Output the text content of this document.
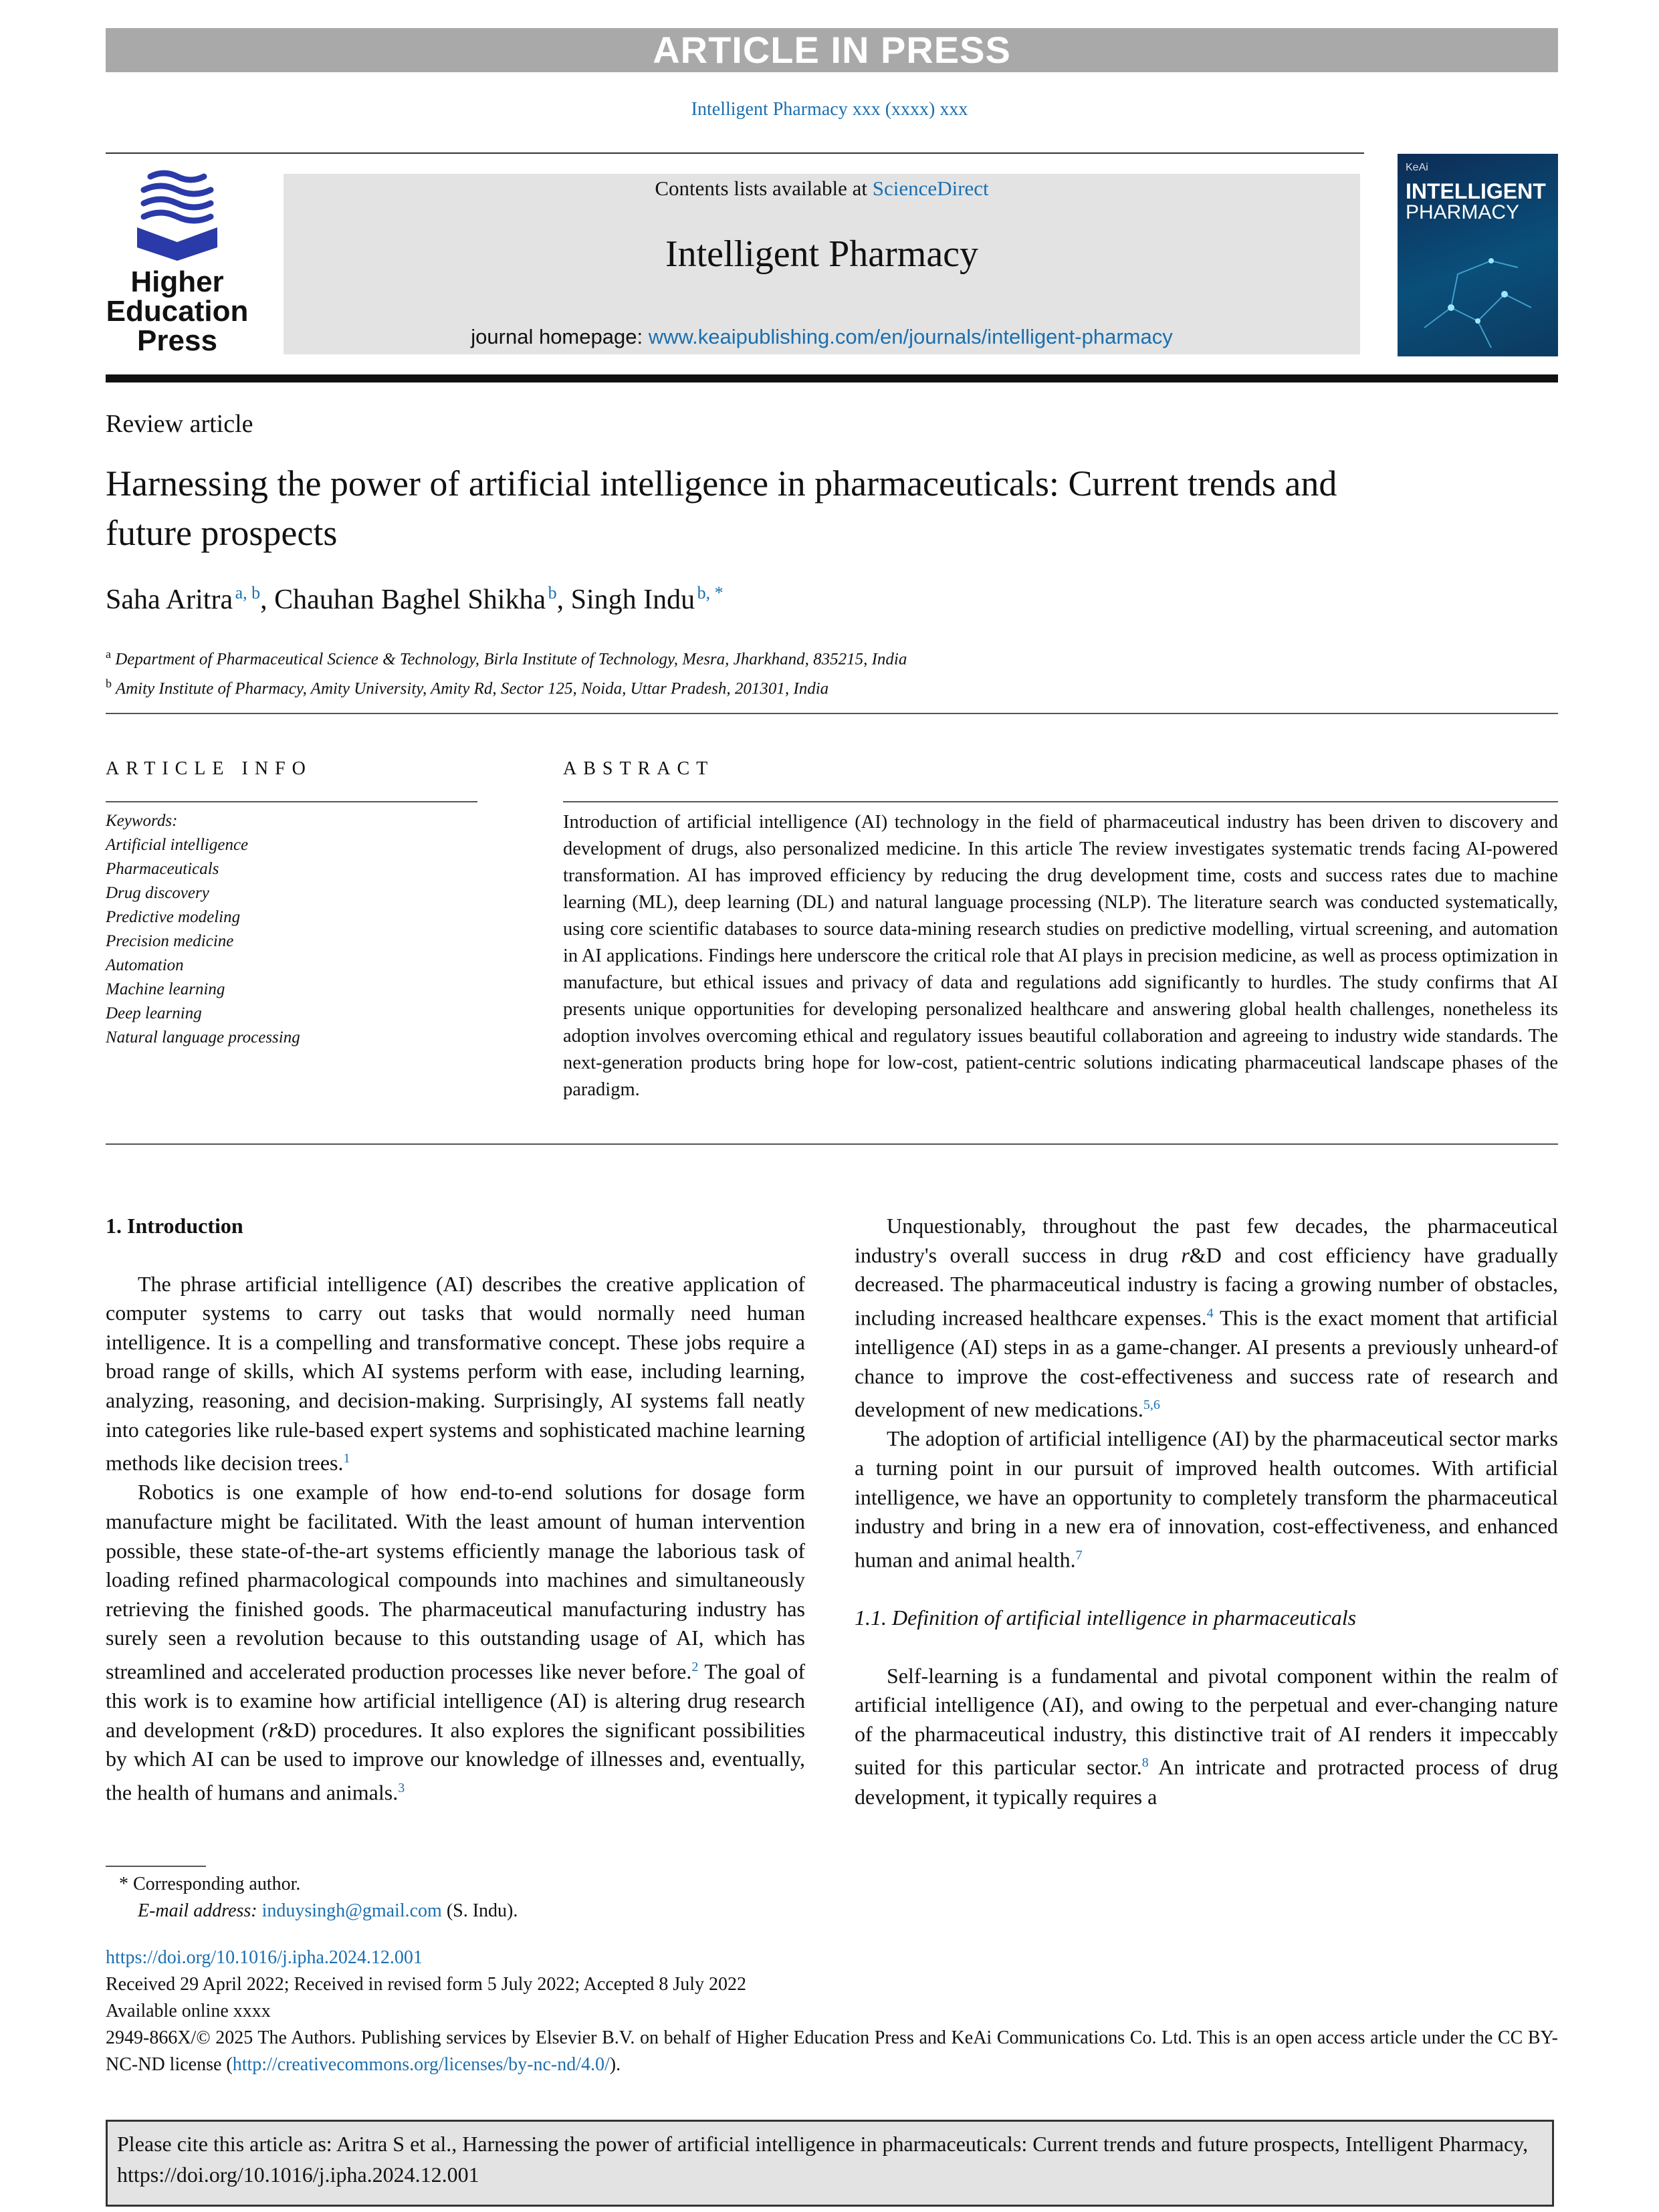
ARTICLE IN PRESS
Intelligent Pharmacy xxx (xxxx) xxx
Higher
Education
Press
Contents lists available at ScienceDirect
Intelligent Pharmacy
journal homepage: www.keaipublishing.com/en/journals/intelligent-pharmacy
KeAi
INTELLIGENT
PHARMACY
Review article
Harnessing the power of artificial intelligence in pharmaceuticals: Current trends and future prospects
Saha Aritra  $^{a, b}$, Chauhan Baghel Shikha  $^b$, Singh Indu  $^{b, *}$
$^a$ Department of Pharmaceutical Science & Technology, Birla Institute of Technology, Mesra, Jharkhand, 835215, India
$^b$ Amity Institute of Pharmacy, Amity University, Amity Rd, Sector 125, Noida, Uttar Pradesh, 201301, India
ARTICLE INFO
Keywords:
Artificial intelligence
Pharmaceuticals
Drug discovery
Predictive modeling
Precision medicine
Automation
Machine learning
Deep learning
Natural language processing
ABSTRACT
Introduction of artificial intelligence (AI) technology in the field of pharmaceutical industry has been driven to discovery and development of drugs, also personalized medicine. In this article The review investigates systematic trends facing AI-powered transformation. AI has improved efficiency by reducing the drug development time, costs and success rates due to machine learning (ML), deep learning (DL) and natural language processing (NLP). The literature search was conducted systematically, using core scientific databases to source data-mining research studies on predictive modelling, virtual screening, and automation in AI applications. Findings here underscore the critical role that AI plays in precision medicine, as well as process optimization in manufacture, but ethical issues and privacy of data and regulations add significantly to hurdles. The study confirms that AI presents unique opportunities for developing personalized healthcare and answering global health challenges, nonetheless its adoption involves overcoming ethical and regulatory issues beautiful collaboration and agreeing to industry wide standards. The next-generation products bring hope for low-cost, patient-centric solutions indicating pharmaceutical landscape phases of the paradigm.

1. Introduction

The phrase artificial intelligence (AI) describes the creative application of computer systems to carry out tasks that would normally need human intelligence. It is a compelling and transformative concept. These jobs require a broad range of skills, which AI systems perform with ease, including learning, analyzing, reasoning, and decision-making. Surprisingly, AI systems fall neatly into categories like rule-based expert systems and sophisticated machine learning methods like decision trees.$^1$

Robotics is one example of how end-to-end solutions for dosage form manufacture might be facilitated. With the least amount of human intervention possible, these state-of-the-art systems efficiently manage the laborious task of loading refined pharmacological compounds into machines and simultaneously retrieving the finished goods. The pharmaceutical manufacturing industry has surely seen a revolution because to this outstanding usage of AI, which has streamlined and accelerated production processes like never before.$^2$ The goal of this work is to examine how artificial intelligence (AI) is altering drug research and development (r&D) procedures. It also explores the significant possibilities by which AI can be used to improve our knowledge of illnesses and, eventually, the health of humans and animals.$^3$

Unquestionably, throughout the past few decades, the pharmaceutical industry's overall success in drug r&D and cost efficiency have gradually decreased. The pharmaceutical industry is facing a growing number of obstacles, including increased healthcare expenses.$^4$ This is the exact moment that artificial intelligence (AI) steps in as a game-changer. AI presents a previously unheard-of chance to improve the cost-effectiveness and success rate of research and development of new medications.$^{5,6}$

The adoption of artificial intelligence (AI) by the pharmaceutical sector marks a turning point in our pursuit of improved health outcomes. With artificial intelligence, we have an opportunity to completely transform the pharmaceutical industry and bring in a new era of innovation, cost-effectiveness, and enhanced human and animal health.$^7$

1.1. Definition of artificial intelligence in pharmaceuticals

Self-learning is a fundamental and pivotal component within the realm of artificial intelligence (AI), and owing to the perpetual and ever-changing nature of the pharmaceutical industry, this distinctive trait of AI renders it impeccably suited for this particular sector.$^8$ An intricate and protracted process of drug development, it typically requires a

* Corresponding author.
E-mail address: induysingh@gmail.com (S. Indu).
https://doi.org/10.1016/j.ipha.2024.12.001
Received 29 April 2022; Received in revised form 5 July 2022; Accepted 8 July 2022
Available online xxxx
2949-866X/© 2025 The Authors. Publishing services by Elsevier B.V. on behalf of Higher Education Press and KeAi Communications Co. Ltd. This is an open access article under the CC BY-NC-ND license (http://creativecommons.org/licenses/by-nc-nd/4.0/).
Please cite this article as: Aritra S et al., Harnessing the power of artificial intelligence in pharmaceuticals: Current trends and future prospects, Intelligent Pharmacy, https://doi.org/10.1016/j.ipha.2024.12.001
